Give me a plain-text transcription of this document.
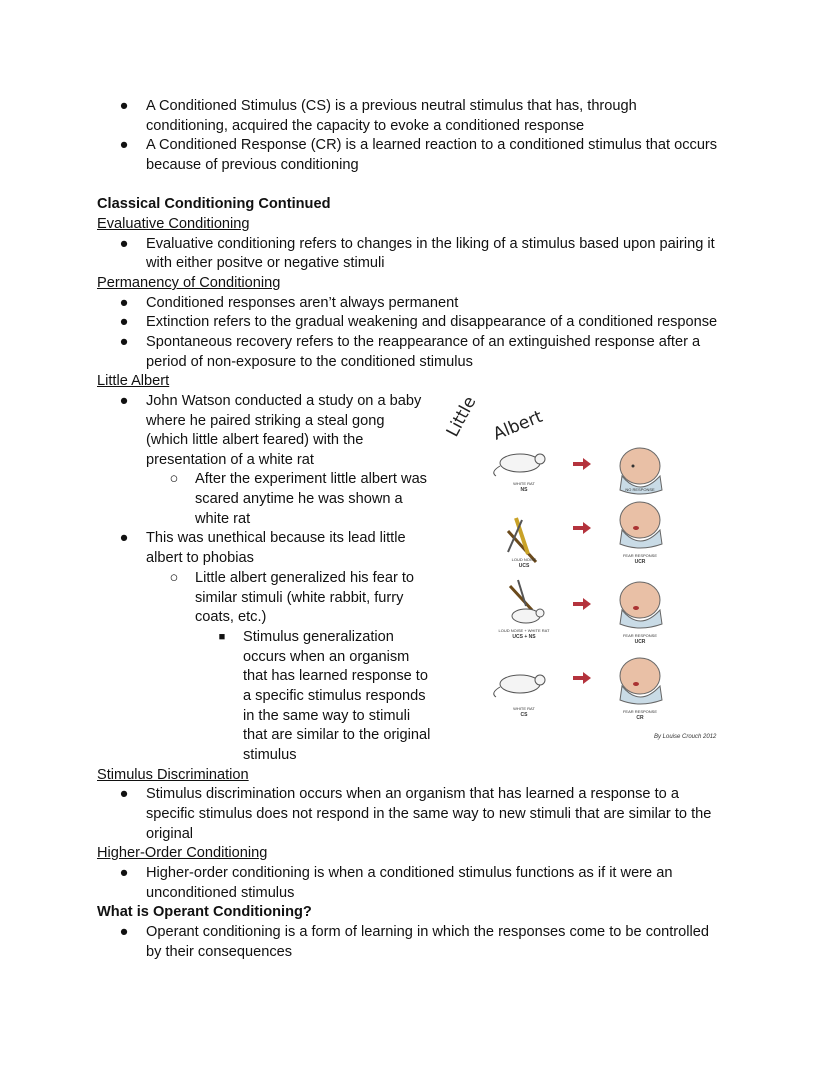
● A Conditioned Stimulus (CS) is a previous neutral stimulus that has, through
conditioning, acquired the capacity to evoke a conditioned response
● A Conditioned Response (CR) is a learned reaction to a conditioned stimulus that occurs
because of previous conditioning
Classical Conditioning Continued
Evaluative Conditioning
● Evaluative conditioning refers to changes in the liking of a stimulus based upon pairing it
with either positve or negative stimuli
Permanency of Conditioning
● Conditioned responses aren’t always permanent
● Extinction refers to the gradual weakening and disappearance of a conditioned response
● Spontaneous recovery refers to the reappearance of an extinguished response after a
period of non-exposure to the conditioned stimulus
Little Albert
● John Watson conducted a study on a baby
where he paired striking a steal gong
(which little albert feared) with the
presentation of a white rat
○ After the experiment little albert was
scared anytime he was shown a
white rat
● This was unethical because its lead little
albert to phobias
○ Little albert generalized his fear to
similar stimuli (white rabbit, furry
coats, etc.)
■ Stimulus generalization
occurs when an organism
that has learned response to
a specific stimulus responds
in the same way to stimuli
that are similar to the original
stimulus
Little Albert
WHITE RAT
NS	NO RESPONSE
LOUD NOISE
UCS
FEAR RESPONSE
UCR
LOUD NOISE + WHITE RAT
UCS + NS	FEAR RESPONSE
UCR
WHITE RAT
CS
FEAR RESPONSE
CR
By Louise Crouch 2012
Stimulus Discrimination
● Stimulus discrimination occurs when an organism that has learned a response to a
specific stimulus does not respond in the same way to new stimuli that are similar to the
original
Higher-Order Conditioning
● Higher-order conditioning is when a conditioned stimulus functions as if it were an
unconditioned stimulus
What is Operant Conditioning?
● Operant conditioning is a form of learning in which the responses come to be controlled
by their consequences
